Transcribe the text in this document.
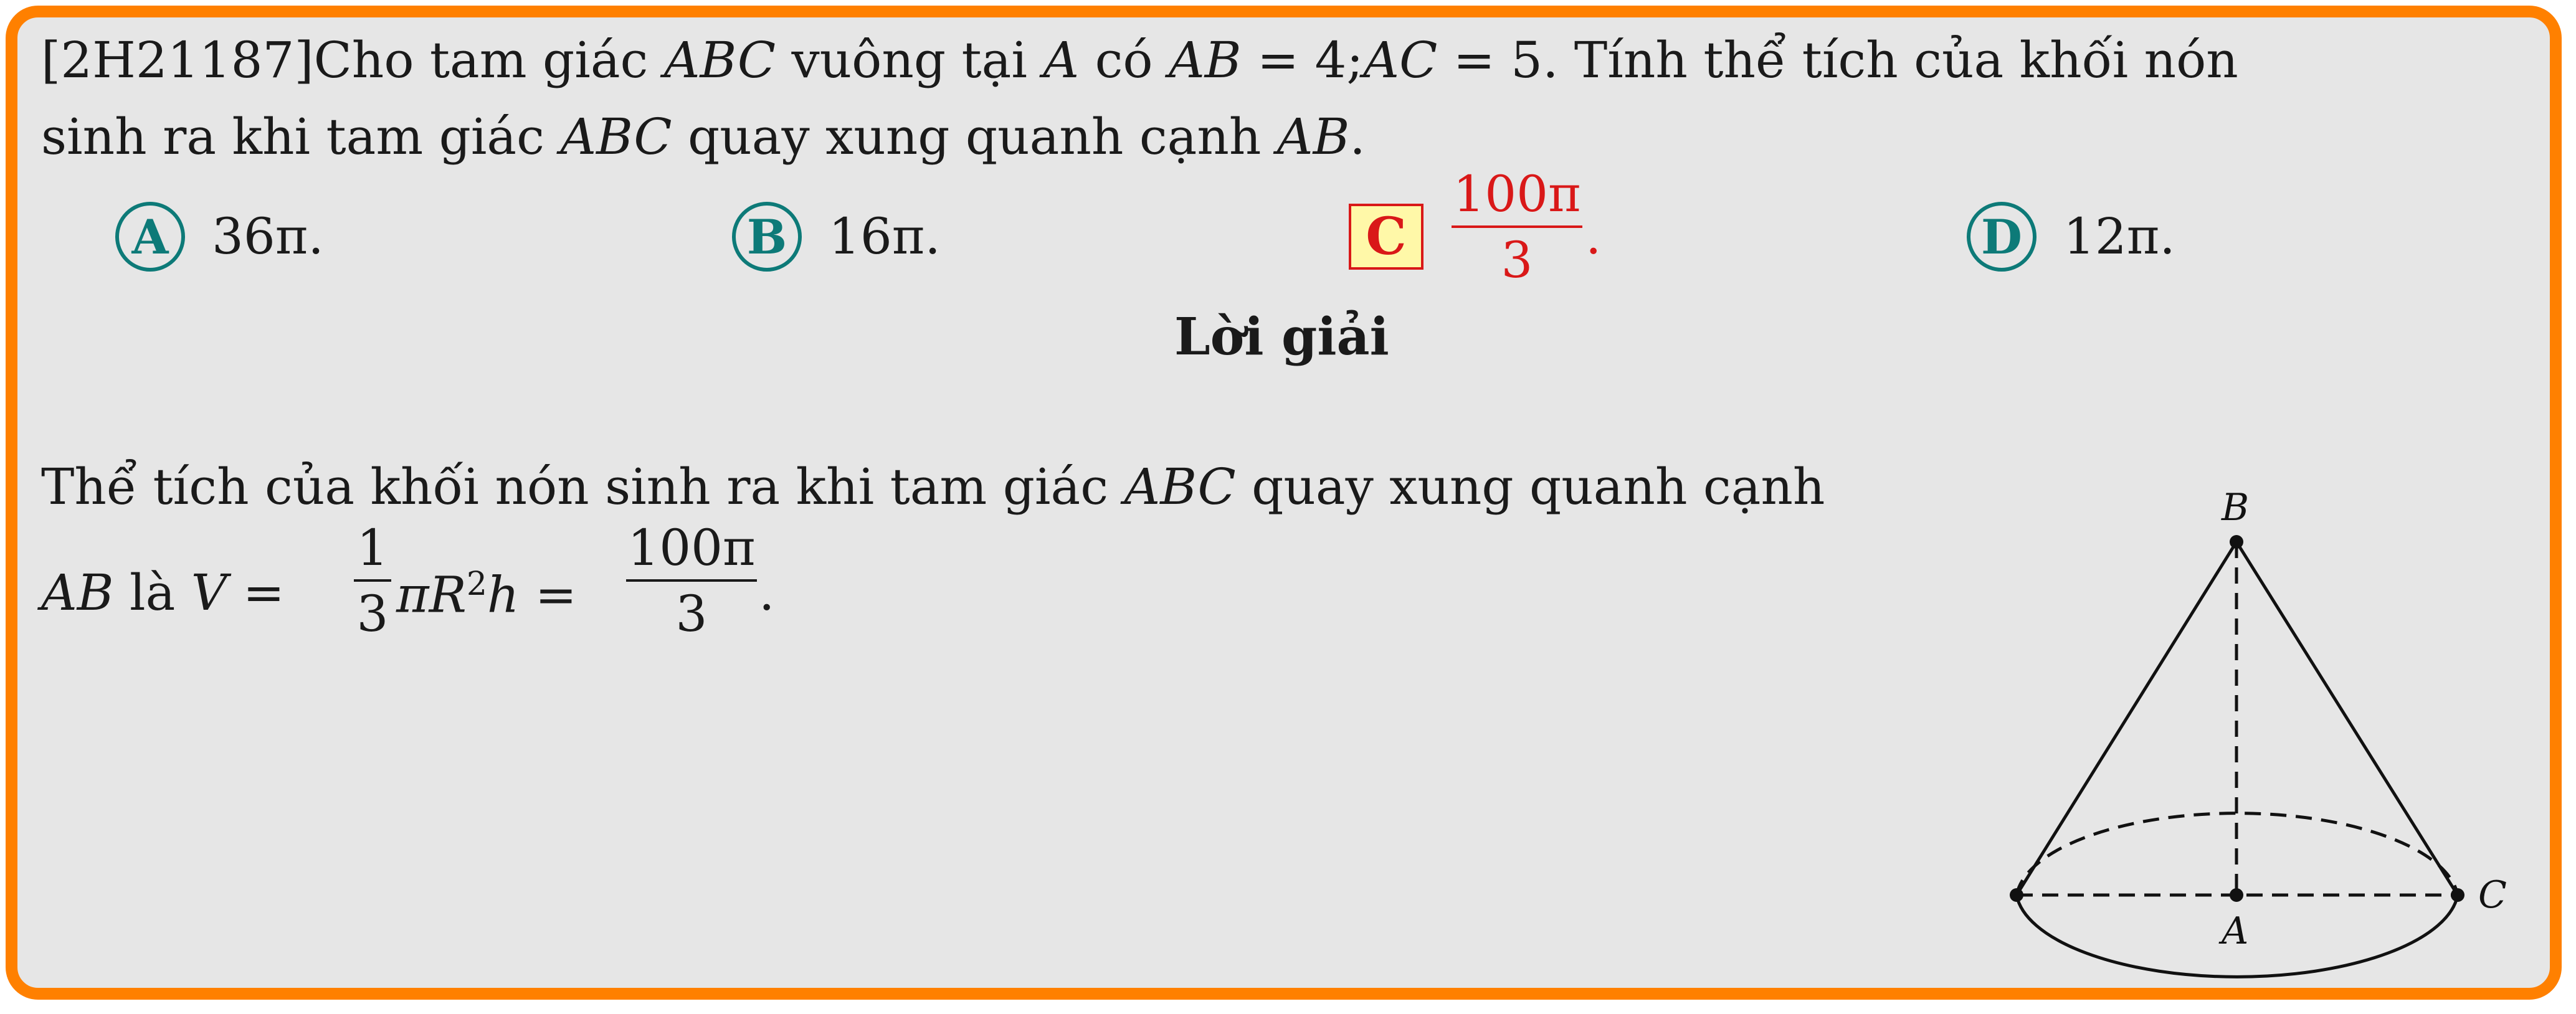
[2H21187]Cho tam giác ABC vuông tại A có AB = 4;AC = 5. Tính thể tích của khối nón
sinh ra khi tam giác ABC quay xung quanh cạnh AB.
A 36π.	B 16π.	C
100π
3	.	D 12π.
Lời giải
Thể tích của khối nón sinh ra khi tam giác ABC quay xung quanh cạnh
AB là V =
1
3 $\pi R^2h$ =
100π
3	.
B
A
C
